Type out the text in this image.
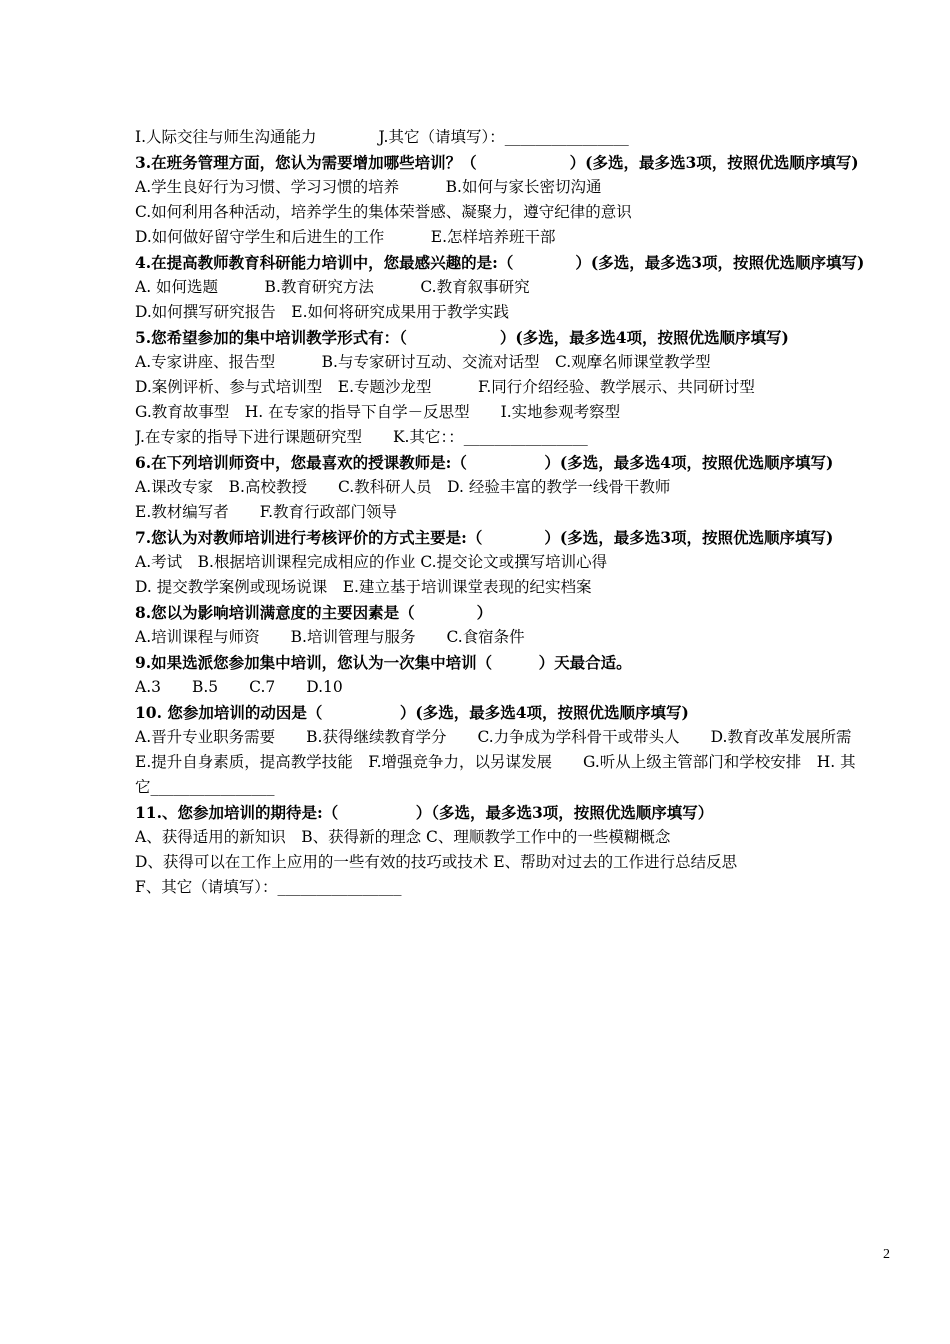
I.人际交往与师生沟通能力　　　　J.其它（请填写）：________________
3.在班务管理方面，您认为需要增加哪些培训？（　　　　　　）(多选，最多选3项，按照优选顺序填写)
A.学生良好行为习惯、学习习惯的培养　　　B.如何与家长密切沟通
C.如何利用各种活动，培养学生的集体荣誉感、凝聚力，遵守纪律的意识
D.如何做好留守学生和后进生的工作　　　E.怎样培养班干部
4.在提高教师教育科研能力培训中，您最感兴趣的是:（　　　　）(多选，最多选3项，按照优选顺序填写)
A. 如何选题　　　B.教育研究方法　　　C.教育叙事研究
D.如何撰写研究报告　E.如何将研究成果用于教学实践
5.您希望参加的集中培训教学形式有：（　　　　　　）(多选，最多选4项，按照优选顺序填写)
A.专家讲座、报告型　　　B.与专家研讨互动、交流对话型　C.观摩名师课堂教学型
D.案例评析、参与式培训型　E.专题沙龙型　　　F.同行介绍经验、教学展示、共同研讨型
G.教育故事型　H. 在专家的指导下自学－反思型　　I.实地参观考察型
J.在专家的指导下进行课题研究型　　K.其它：：________________
6.在下列培训师资中，您最喜欢的授课教师是:（　　　　　）(多选，最多选4项，按照优选顺序填写)
A.课改专家　B.高校教授　　C.教科研人员　D. 经验丰富的教学一线骨干教师
E.教材编写者　　F.教育行政部门领导
7.您认为对教师培训进行考核评价的方式主要是:（　　　　）(多选，最多选3项，按照优选顺序填写)
A.考试　B.根据培训课程完成相应的作业 C.提交论文或撰写培训心得
D. 提交教学案例或现场说课　E.建立基于培训课堂表现的纪实档案
8.您以为影响培训满意度的主要因素是（　　　　）
A.培训课程与师资　　B.培训管理与服务　　C.食宿条件
9.如果选派您参加集中培训，您认为一次集中培训（　　　）天最合适。
A.3　　B.5　　C.7　　D.10
10. 您参加培训的动因是（　　　　　）(多选，最多选4项，按照优选顺序填写)
A.晋升专业职务需要　　B.获得继续教育学分　　C.力争成为学科骨干或带头人　　D.教育改革发展所需
E.提升自身素质，提高教学技能　F.增强竞争力，以另谋发展　　G.听从上级主管部门和学校安排　H. 其
它________________
11.、您参加培训的期待是:（　　　　　）（多选，最多选3项，按照优选顺序填写）
A、获得适用的新知识　B、获得新的理念 C、理顺教学工作中的一些模糊概念
D、获得可以在工作上应用的一些有效的技巧或技术 E、帮助对过去的工作进行总结反思
F、其它（请填写）：________________
2
